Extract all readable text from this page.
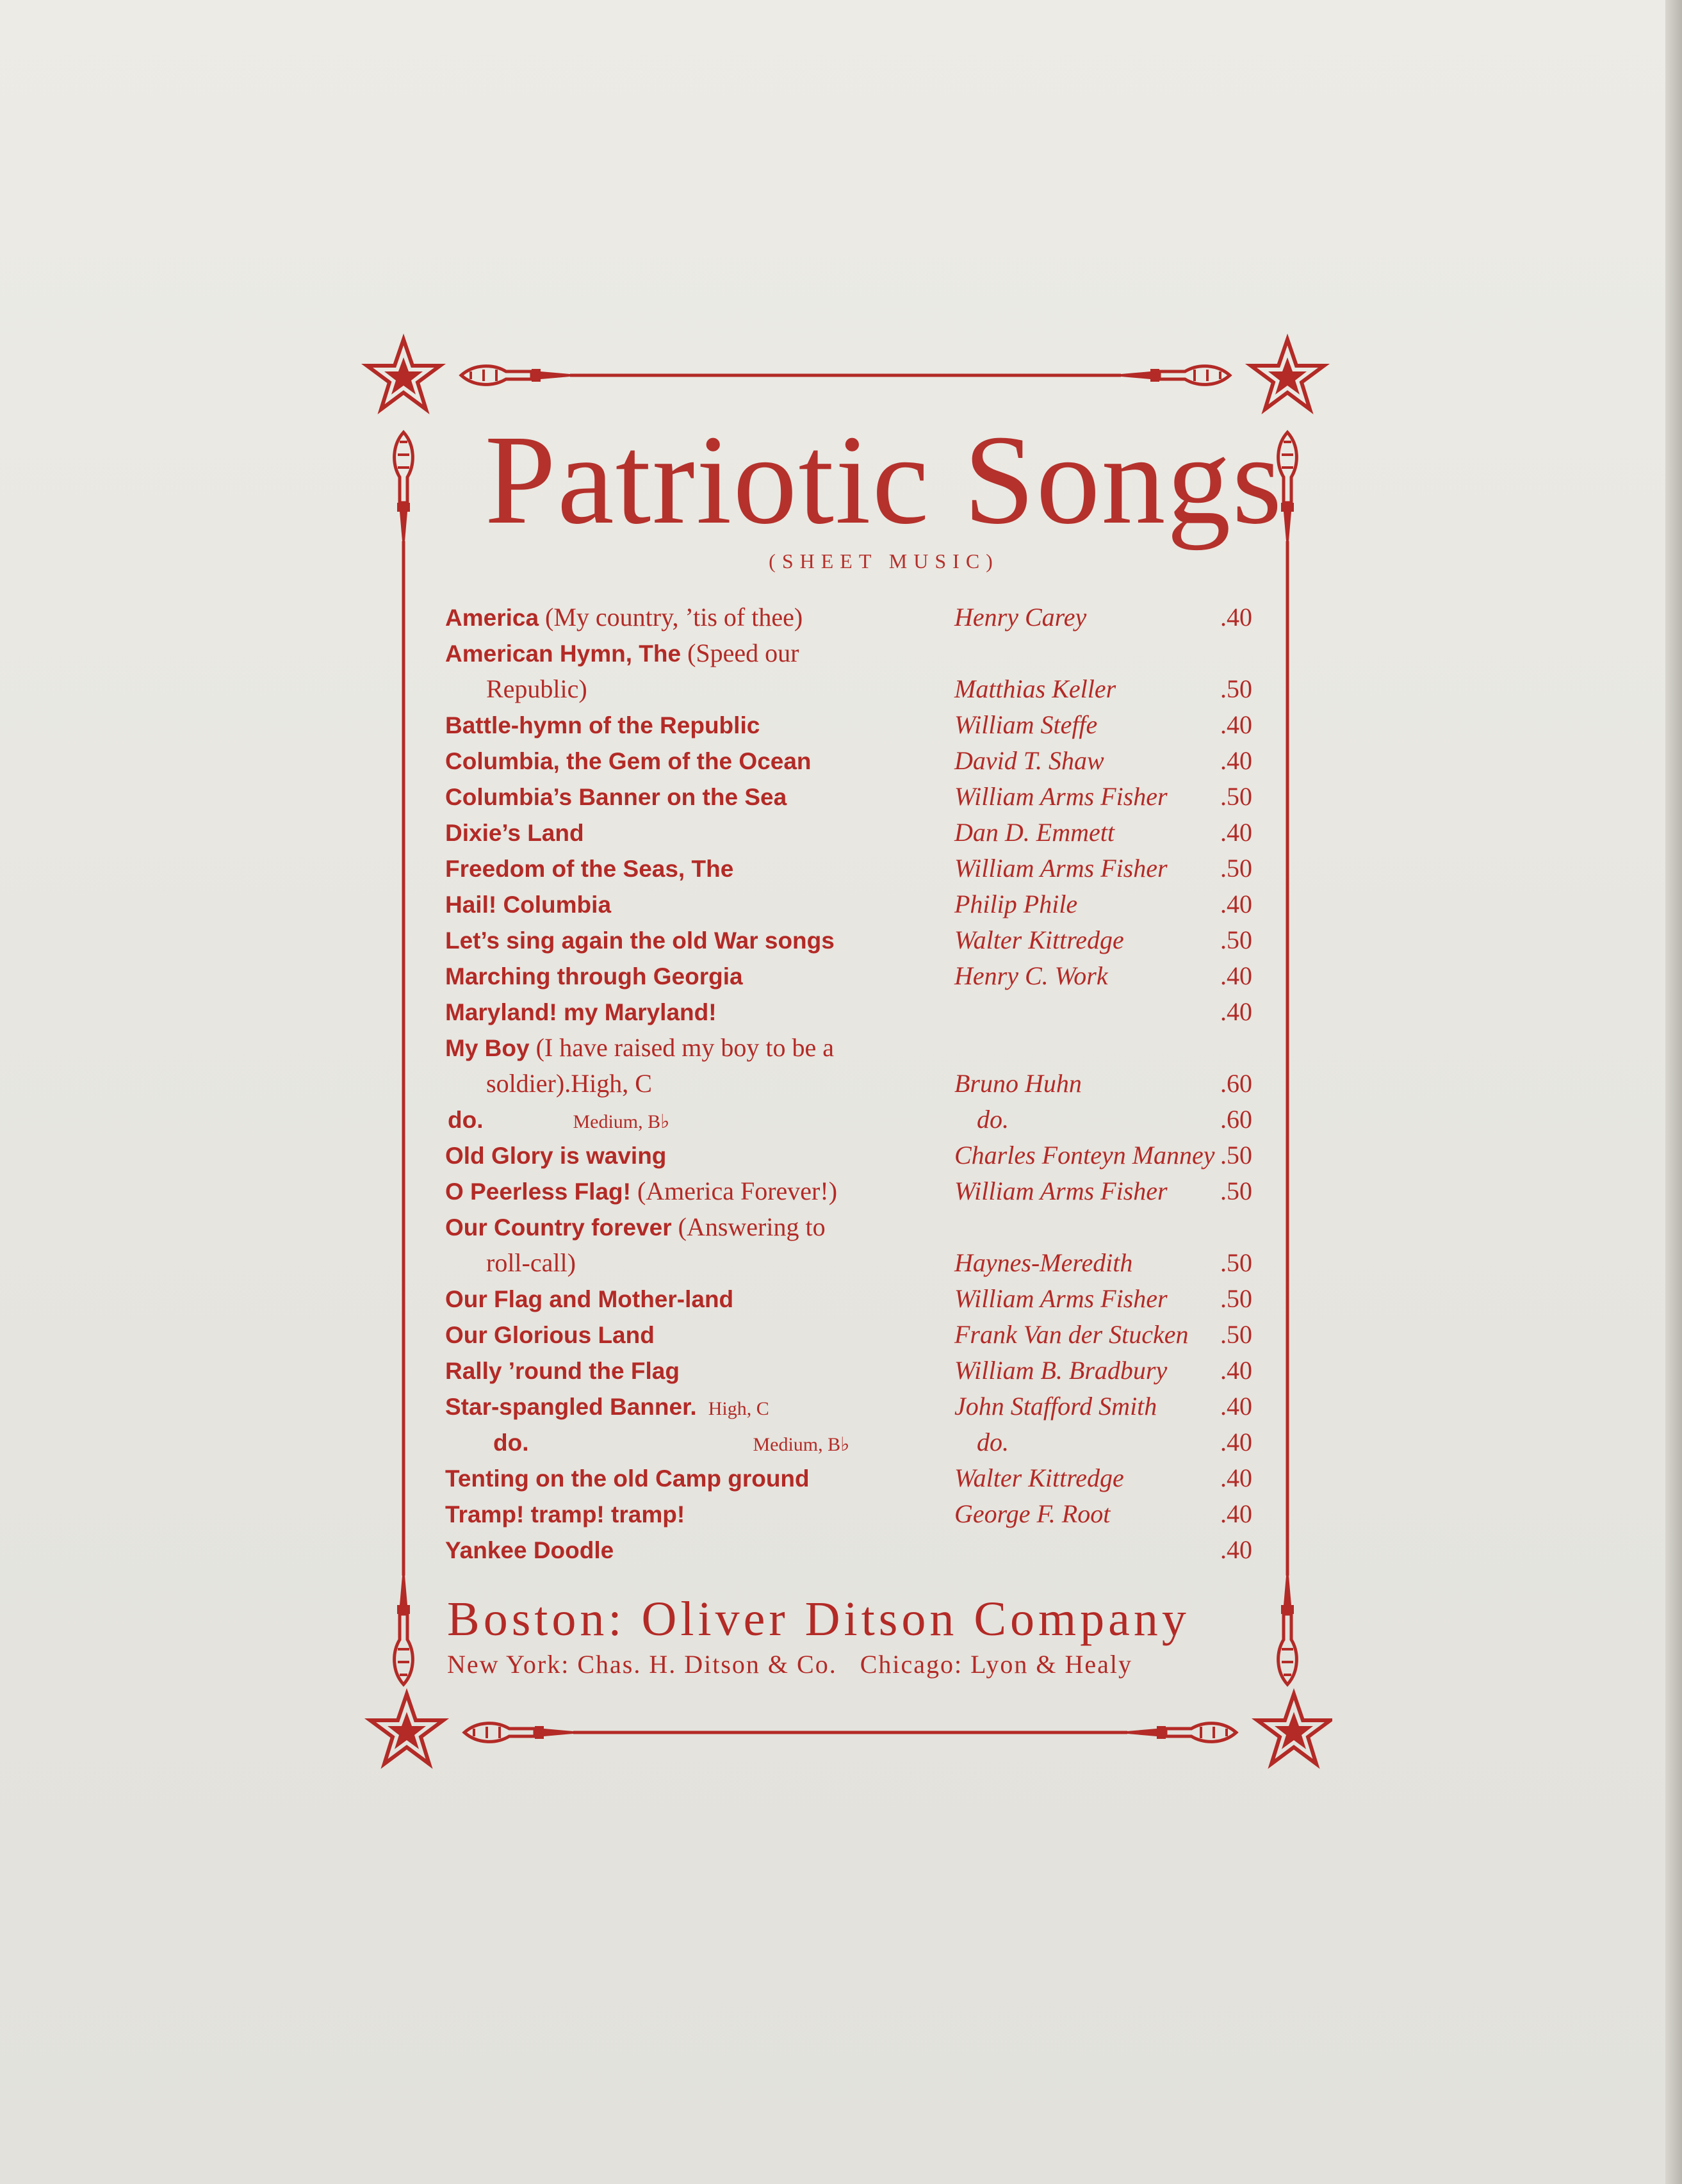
Patriotic Songs
(SHEET MUSIC)
America (My country, ’tis of thee)	Henry Carey	.40
American Hymn, The (Speed our
Republic)	Matthias Keller	.50
Battle-hymn of the Republic	William Steffe	.40
Columbia, the Gem of the Ocean	David T. Shaw	.40
Columbia’s Banner on the Sea	William Arms Fisher .50
Dixie’s Land	Dan D. Emmett	.40
Freedom of the Seas, The	William Arms Fisher .50
Hail! Columbia	Philip Phile	.40
Let’s sing again the old War songs	Walter Kittredge	.50
Marching through Georgia	Henry C. Work	.40
Maryland! my Maryland!	.40
My Boy (I have raised my boy to be a
soldier).High, C	Bruno Huhn	.60
do.	Medium, B♭	do.	.60
Old Glory is waving	Charles Fonteyn Manney .50
O Peerless Flag! (America Forever!)	William Arms Fisher .50
Our Country forever (Answering to
roll-call)	Haynes-Meredith	.50
Our Flag and Mother-land	William Arms Fisher .50
Our Glorious Land	Frank Van der Stucken .50
Rally ’round the Flag	William B. Bradbury .40
Star-spangled Banner. High, C	John Stafford Smith .40
do.	Medium, B♭	do.	.40
Tenting on the old Camp ground	Walter Kittredge	.40
Tramp! tramp! tramp!	George F. Root	.40
Yankee Doodle	.40
Boston: Oliver Ditson Company
New York: Chas. H. Ditson & Co.   Chicago: Lyon & Healy
